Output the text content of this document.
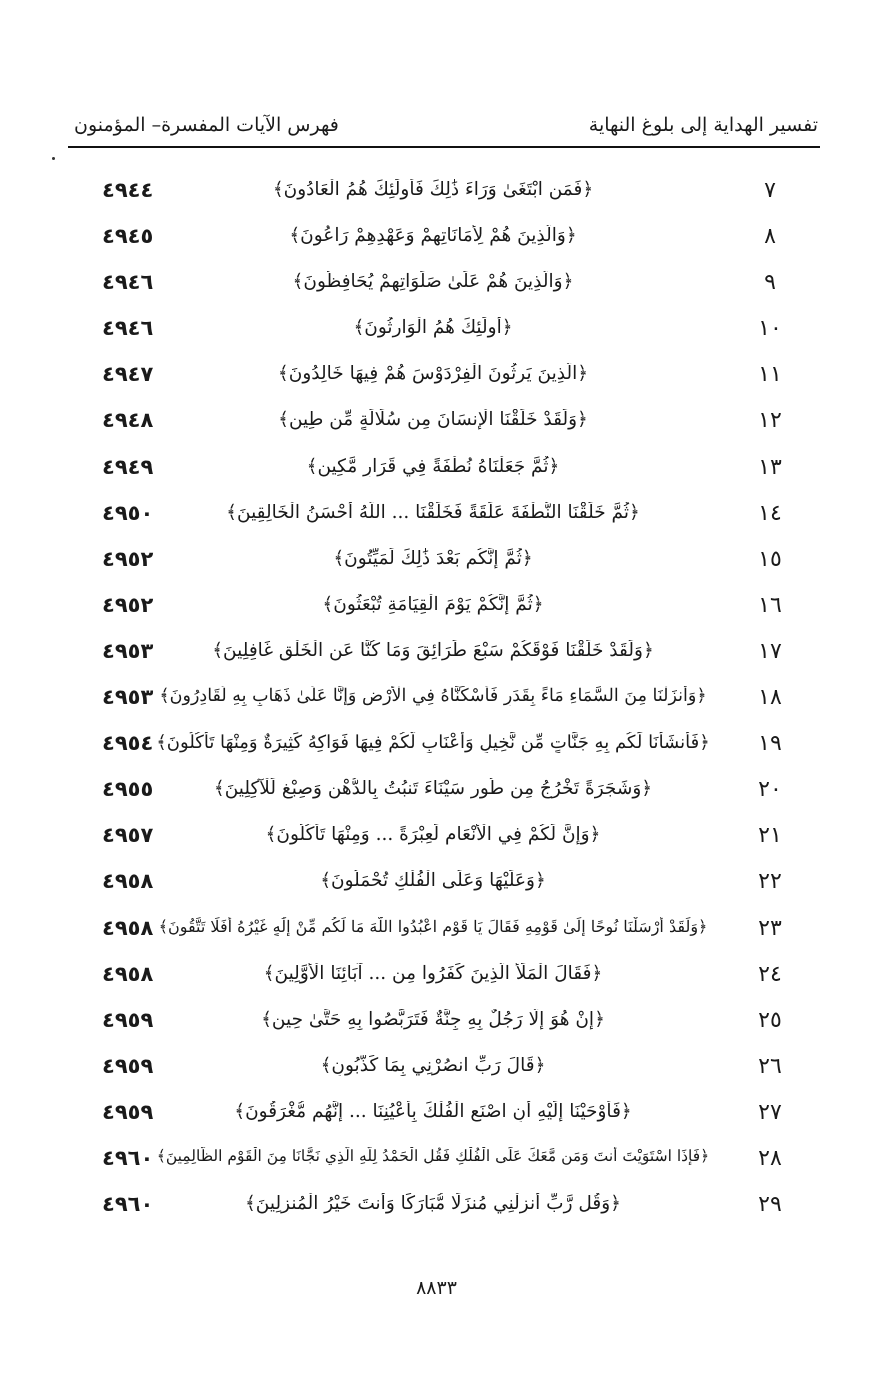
تفسير الهداية إلى بلوغ النهاية
فهرس الآيات المفسرة– المؤمنون
٧
﴿فَمَنِ ابْتَغَىٰ وَرَاءَ ذَٰلِكَ فَأُولَٰئِكَ هُمُ الْعَادُونَ﴾
٤٩٤٤
٨
﴿وَالَّذِينَ هُمْ لِأَمَانَاتِهِمْ وَعَهْدِهِمْ رَاعُونَ﴾
٤٩٤٥
٩
﴿وَالَّذِينَ هُمْ عَلَىٰ صَلَوَاتِهِمْ يُحَافِظُونَ﴾
٤٩٤٦
١٠
﴿أُولَٰئِكَ هُمُ الْوَارِثُونَ﴾
٤٩٤٦
١١
﴿الَّذِينَ يَرِثُونَ الْفِرْدَوْسَ هُمْ فِيهَا خَالِدُونَ﴾
٤٩٤٧
١٢
﴿وَلَقَدْ خَلَقْنَا الْإِنسَانَ مِن سُلَالَةٍ مِّن طِينٍ﴾
٤٩٤٨
١٣
﴿ثُمَّ جَعَلْنَاهُ نُطْفَةً فِي قَرَارٍ مَّكِينٍ﴾
٤٩٤٩
١٤
﴿ثُمَّ خَلَقْنَا النُّطْفَةَ عَلَقَةً فَخَلَقْنَا ... اللَّهُ أَحْسَنُ الْخَالِقِينَ﴾
٤٩٥٠
١٥
﴿ثُمَّ إِنَّكُم بَعْدَ ذَٰلِكَ لَمَيِّتُونَ﴾
٤٩٥٢
١٦
﴿ثُمَّ إِنَّكُمْ يَوْمَ الْقِيَامَةِ تُبْعَثُونَ﴾
٤٩٥٢
١٧
﴿وَلَقَدْ خَلَقْنَا فَوْقَكُمْ سَبْعَ طَرَائِقَ وَمَا كُنَّا عَنِ الْخَلْقِ غَافِلِينَ﴾
٤٩٥٣
١٨
﴿وَأَنزَلْنَا مِنَ السَّمَاءِ مَاءً بِقَدَرٍ فَأَسْكَنَّاهُ فِي الْأَرْضِ وَإِنَّا عَلَىٰ ذَهَابٍ بِهِ لَقَادِرُونَ﴾
٤٩٥٣
١٩
﴿فَأَنشَأْنَا لَكُم بِهِ جَنَّاتٍ مِّن نَّخِيلٍ وَأَعْنَابٍ لَّكُمْ فِيهَا فَوَاكِهُ كَثِيرَةٌ وَمِنْهَا تَأْكُلُونَ﴾
٤٩٥٤
٢٠
﴿وَشَجَرَةً تَخْرُجُ مِن طُورِ سَيْنَاءَ تَنبُتُ بِالدُّهْنِ وَصِبْغٍ لِّلْآكِلِينَ﴾
٤٩٥٥
٢١
﴿وَإِنَّ لَكُمْ فِي الْأَنْعَامِ لَعِبْرَةً ... وَمِنْهَا تَأْكُلُونَ﴾
٤٩٥٧
٢٢
﴿وَعَلَيْهَا وَعَلَى الْفُلْكِ تُحْمَلُونَ﴾
٤٩٥٨
٢٣
﴿وَلَقَدْ أَرْسَلْنَا نُوحًا إِلَىٰ قَوْمِهِ فَقَالَ يَا قَوْمِ اعْبُدُوا اللَّهَ مَا لَكُم مِّنْ إِلَٰهٍ غَيْرُهُ أَفَلَا تَتَّقُونَ﴾
٤٩٥٨
٢٤
﴿فَقَالَ الْمَلَأُ الَّذِينَ كَفَرُوا مِن ... آبَائِنَا الْأَوَّلِينَ﴾
٤٩٥٨
٢٥
﴿إِنْ هُوَ إِلَّا رَجُلٌ بِهِ جِنَّةٌ فَتَرَبَّصُوا بِهِ حَتَّىٰ حِينٍ﴾
٤٩٥٩
٢٦
﴿قَالَ رَبِّ انصُرْنِي بِمَا كَذَّبُونِ﴾
٤٩٥٩
٢٧
﴿فَأَوْحَيْنَا إِلَيْهِ أَنِ اصْنَعِ الْفُلْكَ بِأَعْيُنِنَا ... إِنَّهُم مُّغْرَقُونَ﴾
٤٩٥٩
٢٨
﴿فَإِذَا اسْتَوَيْتَ أَنتَ وَمَن مَّعَكَ عَلَى الْفُلْكِ فَقُلِ الْحَمْدُ لِلَّهِ الَّذِي نَجَّانَا مِنَ الْقَوْمِ الظَّالِمِينَ﴾
٤٩٦٠
٢٩
﴿وَقُل رَّبِّ أَنزِلْنِي مُنزَلًا مُّبَارَكًا وَأَنتَ خَيْرُ الْمُنزِلِينَ﴾
٤٩٦٠
٨٨٣٣
